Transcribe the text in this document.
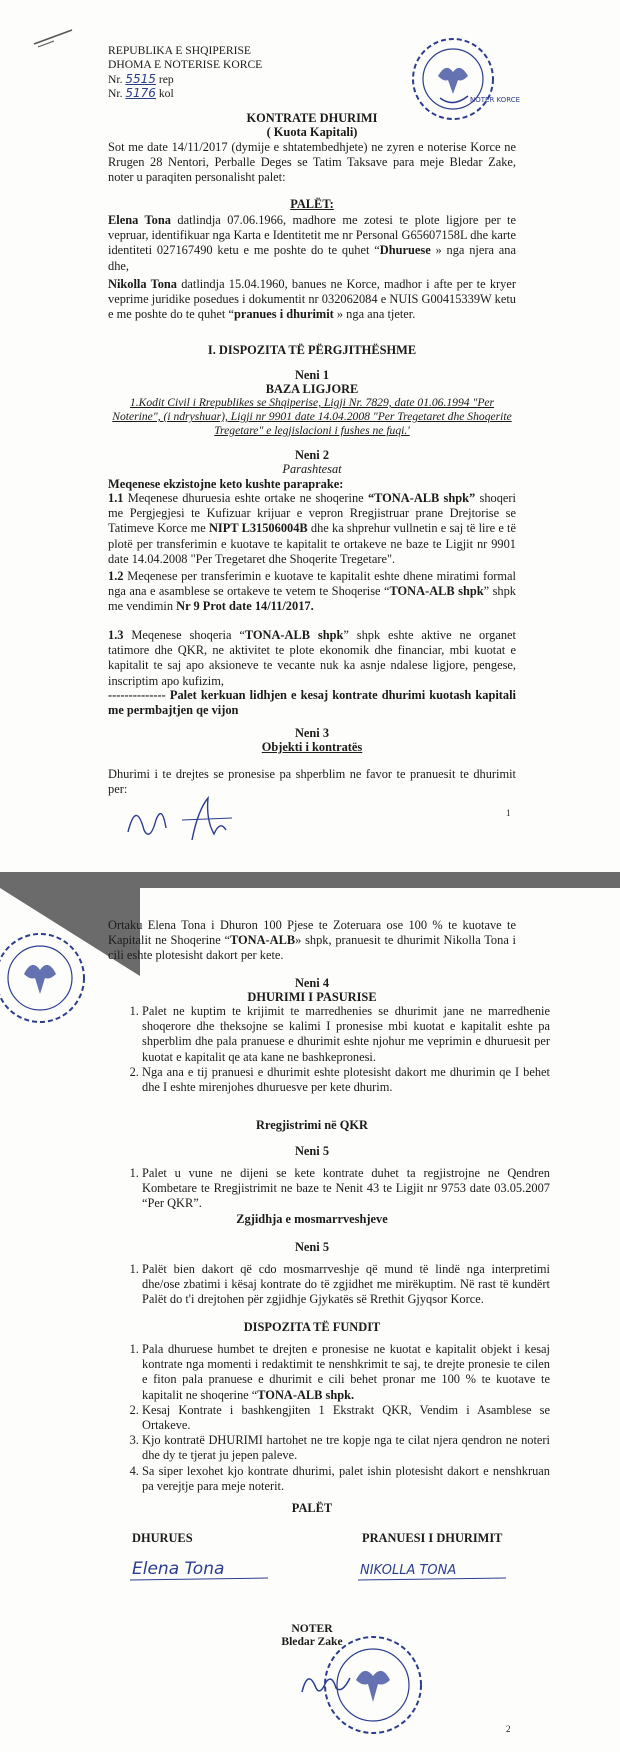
REPUBLIKA E SHQIPERISE
DHOMA E NOTERISE KORCE
Nr. 5515 rep
Nr. 5176 kol	NOTER KORCE

KONTRATE DHURIMI

( Kuota Kapitali)

Sot me date 14/11/2017 (dymije e shtatembedhjete) ne zyren e noterise Korce ne Rrugen 28 Nentori, Perballe Deges se Tatim Taksave para meje Bledar Zake, noter u paraqiten personalisht palet:

PALËT:

Elena Tona datlindja 07.06.1966, madhore me zotesi te plote ligjore per te vepruar, identifikuar nga Karta e Identitetit me nr Personal G65607158L dhe karte identiteti 027167490 ketu e me poshte do te quhet “Dhuruese » nga njera ana dhe,

Nikolla Tona datlindja 15.04.1960, banues ne Korce, madhor i afte per te kryer veprime juridike posedues i dokumentit nr 032062084 e NUIS G00415339W ketu e me poshte do te quhet “pranues i dhurimit » nga ana tjeter.

I. DISPOZITA TË PËRGJITHËSHME

Neni 1

BAZA LIGJORE

1.Kodit Civil i Rrepublikes se Shqiperise, Ligji Nr. 7829, date 01.06.1994 "Per Noterine", (i ndryshuar), Ligji nr 9901 date 14.04.2008 "Per Tregetaret dhe Shoqerite Tregetare" e legjislacioni i fushes ne fuqi.'

Neni 2

Parashtesat

Meqenese ekzistojne keto kushte paraprake:

1.1 Meqenese dhuruesia eshte ortake ne shoqerine “TONA-ALB shpk” shoqeri me Pergjegjesi te Kufizuar krijuar e vepron Rregjistruar prane Drejtorise se Tatimeve Korce me NIPT L31506004B dhe ka shprehur vullnetin e saj të lire e të plotë per transferimin e kuotave te kapitalit te ortakeve ne baze te Ligjit nr 9901 date 14.04.2008 "Per Tregetaret dhe Shoqerite Tregetare".

1.2 Meqenese per transferimin e kuotave te kapitalit eshte dhene miratimi formal nga ana e asamblese se ortakeve te vetem te Shoqerise “TONA-ALB shpk” shpk me vendimin Nr 9 Prot date 14/11/2017.

1.3 Meqenese shoqeria “TONA-ALB shpk” shpk eshte aktive ne organet tatimore dhe QKR, ne aktivitet te plote ekonomik dhe financiar, mbi kuotat e kapitalit te saj apo aksioneve te vecante nuk ka asnje ndalese ligjore, pengese, inscriptim apo kufizim,

-------------- Palet kerkuan lidhjen e kesaj kontrate dhurimi kuotash kapitali me permbajtjen qe vijon

Neni 3

Objekti i kontratës

Dhurimi i te drejtes se pronesise pa shperblim ne favor te pranuesit te dhurimit per:

1

Ortaku Elena Tona i Dhuron 100 Pjese te Zoteruara ose 100 % te kuotave te Kapitalit ne Shoqerine “TONA-ALB» shpk, pranuesit te dhurimit Nikolla Tona i cili eshte plotesisht dakort per kete.

Neni 4

DHURIMI I PASURISE

1. Palet ne kuptim te krijimit te marredhenies se dhurimit jane ne marredhenie shoqerore dhe theksojne se kalimi I pronesise mbi kuotat e kapitalit eshte pa shperblim dhe pala pranuese e dhurimit eshte njohur me veprimin e dhuruesit per kuotat e kapitalit qe ata kane ne bashkepronesi.
2. Nga ana e tij pranuesi e dhurimit eshte plotesisht dakort me dhurimin qe I behet dhe I eshte mirenjohes dhuruesve per kete dhurim.

Rregjistrimi në QKR

Neni 5

1. Palet u vune ne dijeni se kete kontrate duhet ta regjistrojne ne Qendren Kombetare te Rregjistrimit ne baze te Nenit 43 te Ligjit nr 9753 date 03.05.2007 “Per QKR”.

Zgjidhja e mosmarrveshjeve

Neni 5

1. Palët bien dakort që cdo mosmarrveshje që mund të lindë nga interpretimi dhe/ose zbatimi i kësaj kontrate do të zgjidhet me mirëkuptim. Në rast të kundërt Palët do t'i drejtohen për zgjidhje Gjykatës së Rrethit Gjyqsor Korce.

DISPOZITA TË FUNDIT

1. Pala dhuruese humbet te drejten e pronesise ne kuotat e kapitalit objekt i kesaj kontrate nga momenti i redaktimit te nenshkrimit te saj, te drejte pronesie te cilen e fiton pala pranuese e dhurimit e cili behet pronar me 100 % te kuotave te kapitalit ne shoqerine “TONA-ALB shpk.
2. Kesaj Kontrate i bashkengjiten 1 Ekstrakt QKR, Vendim i Asamblese se Ortakeve.
3. Kjo kontratë DHURIMI hartohet ne tre kopje nga te cilat njera qendron ne noteri dhe dy te tjerat ju jepen paleve.
4. Sa siper lexohet kjo kontrate dhurimi, palet ishin plotesisht dakort e nenshkruan pa verejtje para meje noterit.

PALËT

DHURUES	PRANUESI I DHURIMIT
Elena Tona	NIKOLLA TONA

NOTER

Bledar Zake

2
